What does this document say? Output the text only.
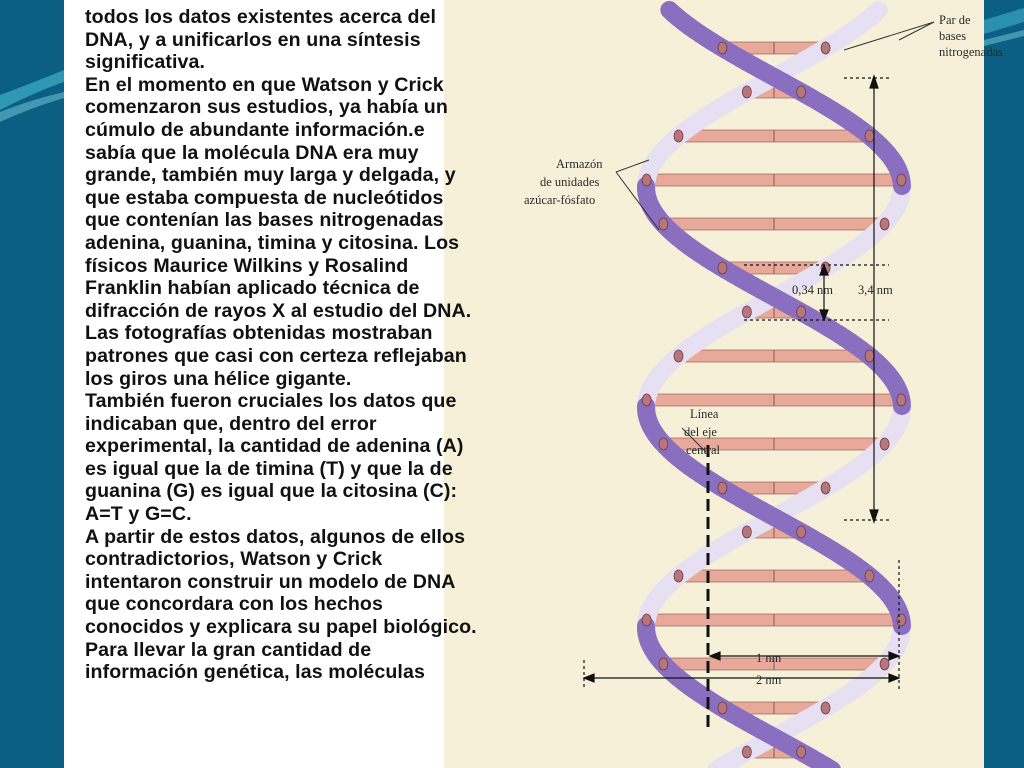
Par de
bases
nitrogenadas
Armazón
de unidades
azúcar-fósfato
0,34 nm 3,4 nm
Línea
del eje
central
1 nm
2 nm

todos los datos existentes acerca del DNA, y a unificarlos en una síntesis significativa.

En el momento en que Watson y Crick comenzaron sus estudios, ya había un cúmulo de abundante información.e sabía que la molécula DNA era muy grande, también muy larga y delgada, y que estaba compuesta de nucleótidos que contenían las bases nitrogenadas adenina, guanina, timina y citosina. Los físicos Maurice Wilkins y Rosalind Franklin habían aplicado técnica de difracción de rayos X al estudio del DNA. Las fotografías obtenidas mostraban patrones que casi con certeza reflejaban los giros una hélice gigante.

También fueron cruciales los datos que indicaban que, dentro del error experimental, la cantidad de adenina (A) es igual que la de timina (T) y que la de guanina (G) es igual que la citosina (C): A=T y G=C.

A partir de estos datos, algunos de ellos contradictorios, Watson y Crick intentaron construir un modelo de DNA que concordara con los hechos conocidos y explicara su papel biológico. Para llevar la gran cantidad de información genética, las moléculas
